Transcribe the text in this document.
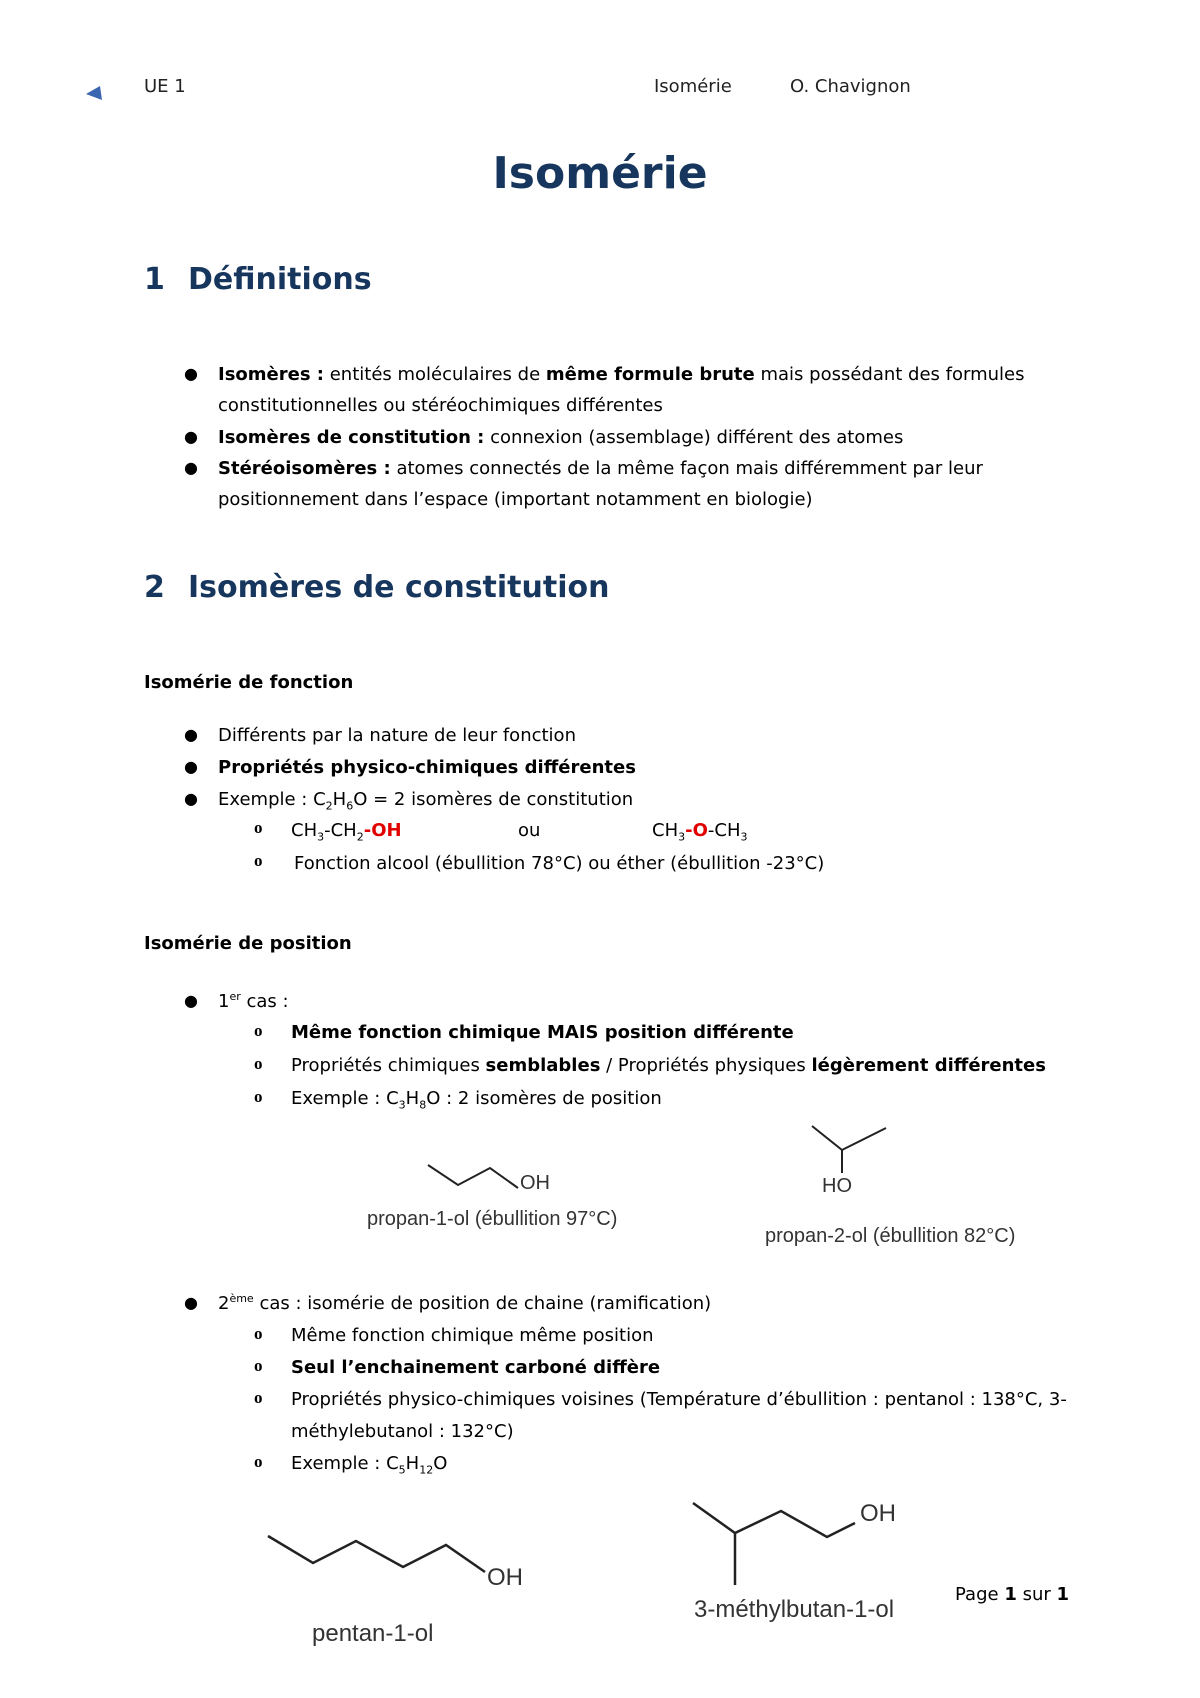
UE 1	Isomérie	O. Chavignon
Isomérie
1 Définitions
● Isomères : entités moléculaires de même formule brute mais possédant des formules
constitutionnelles ou stéréochimiques différentes
● Isomères de constitution : connexion (assemblage) différent des atomes
● Stéréoisomères : atomes connectés de la même façon mais différemment par leur
positionnement dans l’espace (important notamment en biologie)
2 Isomères de constitution
Isomérie de fonction
● Différents par la nature de leur fonction
● Propriétés physico-chimiques différentes
● Exemple : $C_2H_6O = 2$ isomères de constitution
o $CH_3-CH_2-OH$	ou	$CH_3-O-CH_3$
o Fonction alcool (ébullition 78°C) ou éther (ébullition -23°C)
Isomérie de position
● 1er cas :
o Même fonction chimique MAIS position différente
o Propriétés chimiques semblables / Propriétés physiques légèrement différentes
o Exemple : $C_3H_8O$ : 2 isomères de position
OH
propan-1-ol (ébullition 97°C)
HO
propan-2-ol (ébullition 82°C)
● 2ème cas : isomérie de position de chaine (ramification)
o Même fonction chimique même position
o Seul l’enchainement carboné diffère
o Propriétés physico-chimiques voisines (Température d’ébullition : pentanol : 138°C, 3-
méthylebutanol : 132°C)
o Exemple : $C_5H_{12}O$
OH
pentan-1-ol
OH
3-méthylbutan-1-ol
Page 1 sur 1
